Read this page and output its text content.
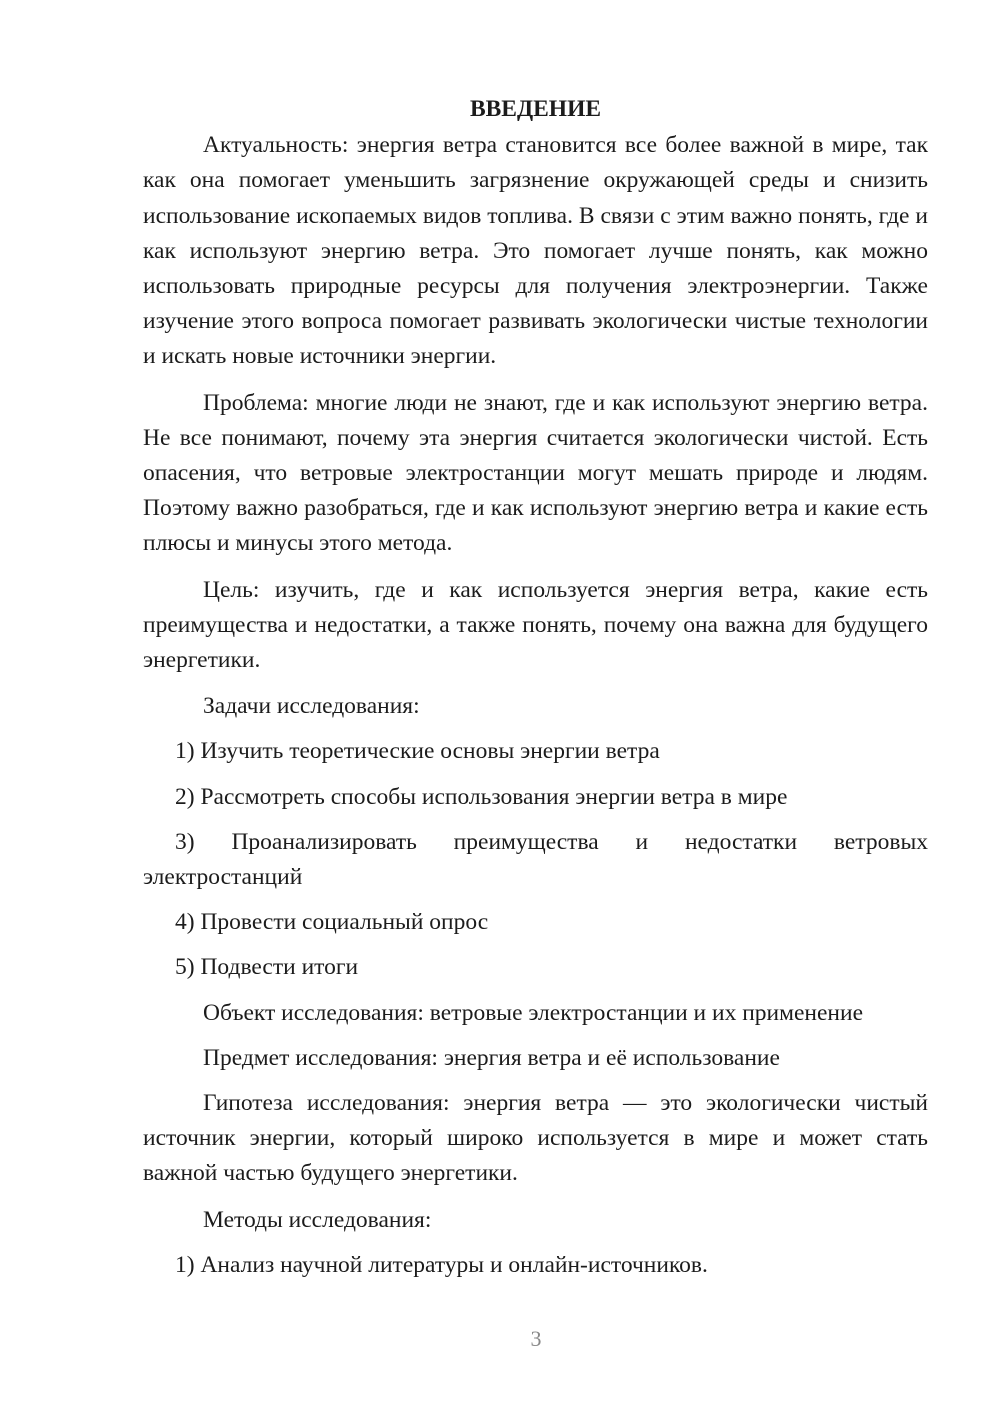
ВВЕДЕНИЕ
Актуальность: энергия ветра становится все более важной в мире, так как она помогает уменьшить загрязнение окружающей среды и снизить использование ископаемых видов топлива. В связи с этим важно понять, где и как используют энергию ветра. Это помогает лучше понять, как можно использовать природные ресурсы для получения электроэнергии. Также изучение этого вопроса помогает развивать экологически чистые технологии и искать новые источники энергии.
Проблема: многие люди не знают, где и как используют энергию ветра. Не все понимают, почему эта энергия считается экологически чистой. Есть опасения, что ветровые электростанции могут мешать природе и людям. Поэтому важно разобраться, где и как используют энергию ветра и какие есть плюсы и минусы этого метода.
Цель: изучить, где и как используется энергия ветра, какие есть преимущества и недостатки, а также понять, почему она важна для будущего энергетики.
Задачи исследования:
1) Изучить теоретические основы энергии ветра
2) Рассмотреть способы использования энергии ветра в мире
3) Проанализировать преимущества и недостатки ветровых
электростанций
4) Провести социальный опрос
5) Подвести итоги
Объект исследования: ветровые электростанции и их применение
Предмет исследования: энергия ветра и её использование
Гипотеза исследования: энергия ветра — это экологически чистый источник энергии, который широко используется в мире и может стать важной частью будущего энергетики.
Методы исследования:
1) Анализ научной литературы и онлайн-источников.
3
